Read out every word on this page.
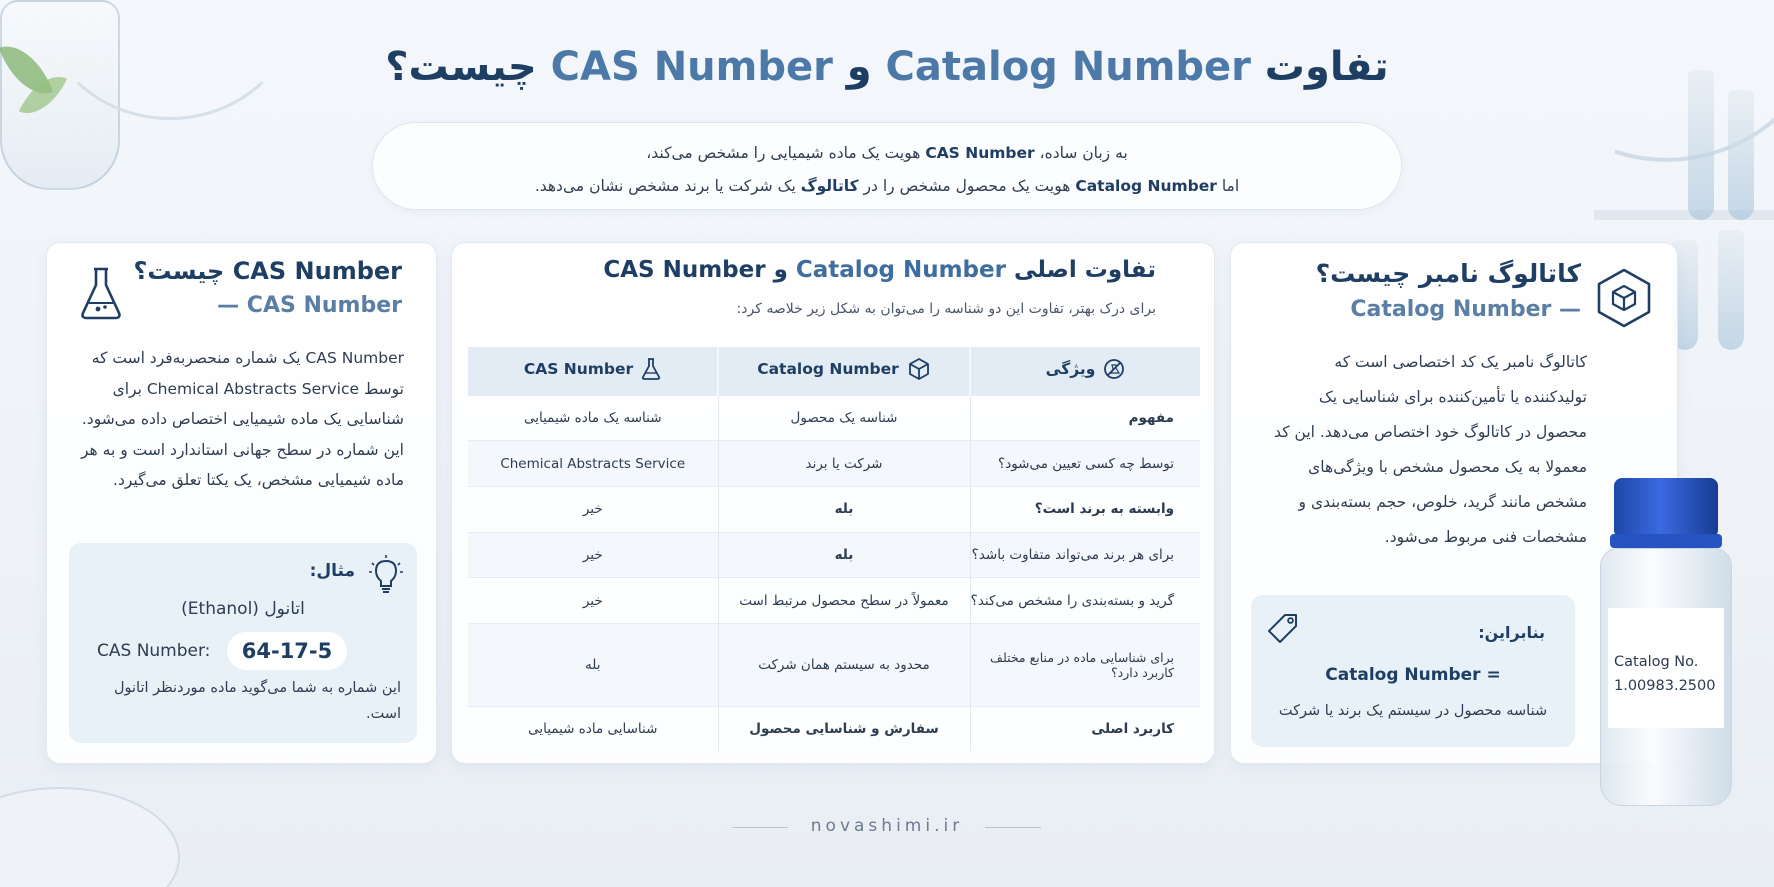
تفاوت Catalog Number و CAS Number چیست؟
به زبان ساده، CAS Number هویت یک ماده شیمیایی را مشخص می‌کند،
اما Catalog Number هویت یک محصول مشخص را در کاتالوگ یک شرکت یا برند مشخص نشان می‌دهد.
CAS Number چیست؟
— CAS Number
CAS Number یک شماره منحصربه‌فرد است که توسط Chemical Abstracts Service برای شناسایی یک ماده شیمیایی اختصاص داده می‌شود. این شماره در سطح جهانی استاندارد است و به هر ماده شیمیایی مشخص، یک یکتا تعلق می‌گیرد.
مثال:
اتانول (Ethanol)
CAS Number:	64-17-5
این شماره به شما می‌گوید ماده موردنظر اتانول است.
تفاوت اصلی Catalog Number و CAS Number
برای درک بهتر، تفاوت این دو شناسه را می‌توان به شکل زیر خلاصه کرد:
ویژگی	Catalog Number	CAS Number

مفهوم	شناسه یک محصول	شناسه یک ماده شیمیایی
توسط چه کسی تعیین می‌شود؟	شرکت یا برند	Chemical Abstracts Service
وابسته به برند است؟	بله	خیر
برای هر برند می‌تواند متفاوت باشد؟	بله	خیر
گرید و بسته‌بندی را مشخص می‌کند؟	معمولاً در سطح محصول مرتبط است	خیر
برای شناسایی ماده در منابع مختلف کاربرد دارد؟	محدود به سیستم همان شرکت	بله
کاربرد اصلی	سفارش و شناسایی محصول	شناسایی ماده شیمیایی
کاتالوگ نامبر چیست؟
Catalog Number —
کاتالوگ نامبر یک کد اختصاصی است که تولیدکننده یا تأمین‌کننده برای شناسایی یک محصول در کاتالوگ خود اختصاص می‌دهد. این کد معمولا به یک محصول مشخص با ویژگی‌های مشخص مانند گرید، خلوص، حجم بسته‌بندی و مشخصات فنی مربوط می‌شود.
بنابراین:
Catalog Number =
شناسه محصول در سیستم یک برند یا شرکت
Catalog No.
1.00983.2500
novashimi.ir
